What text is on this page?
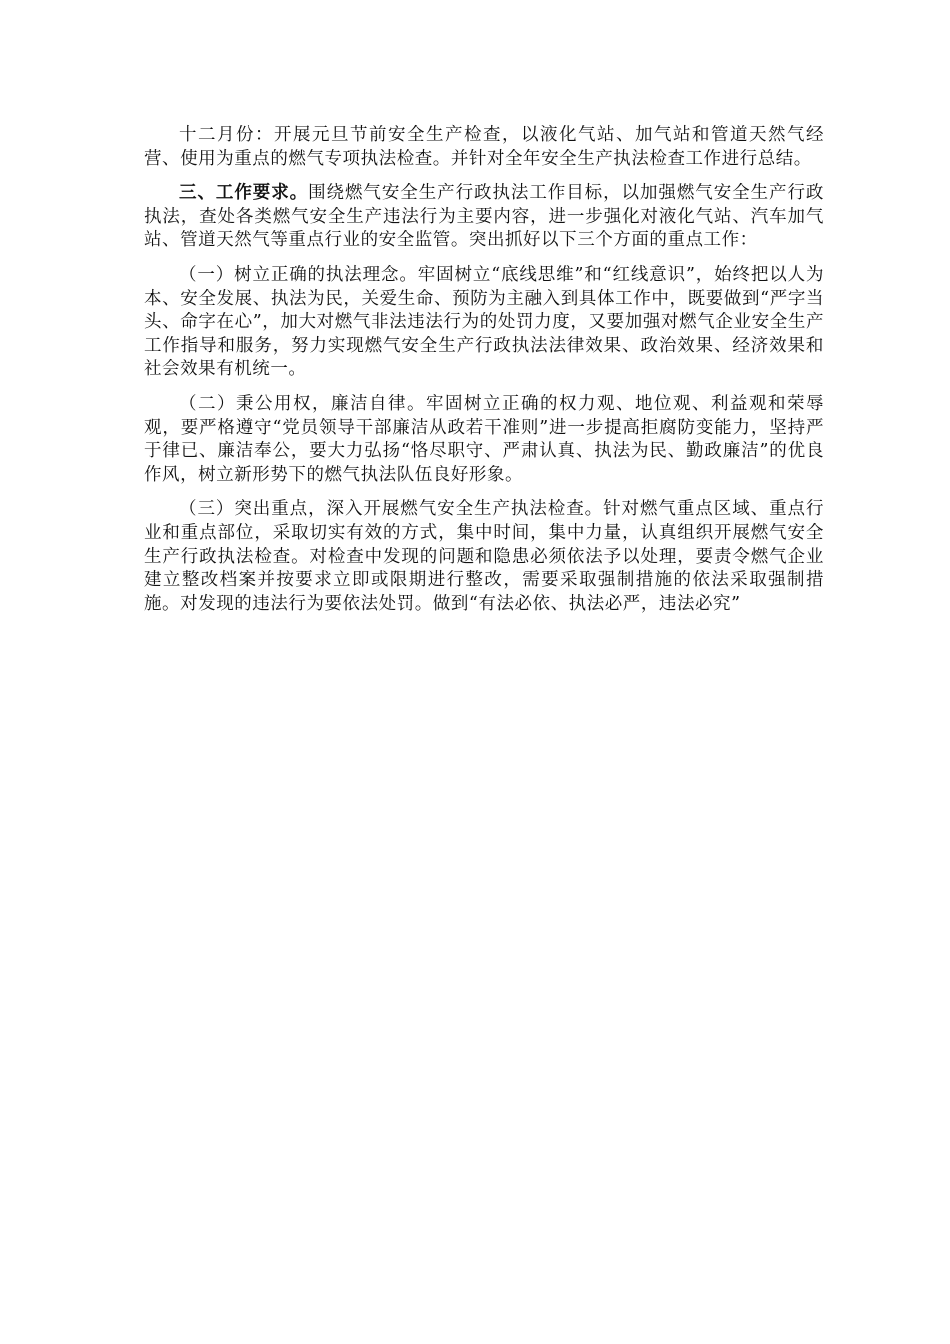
十二月份：开展元旦节前安全生产检查，以液化气站、加气站和管道天然气经营、使用为重点的燃气专项执法检查。并针对全年安全生产执法检查工作进行总结。

三、工作要求。围绕燃气安全生产行政执法工作目标，以加强燃气安全生产行政执法，查处各类燃气安全生产违法行为主要内容，进一步强化对液化气站、汽车加气站、管道天然气等重点行业的安全监管。突出抓好以下三个方面的重点工作：

（一）树立正确的执法理念。牢固树立“底线思维”和“红线意识”，始终把以人为本、安全发展、执法为民，关爱生命、预防为主融入到具体工作中，既要做到“严字当头、命字在心”，加大对燃气非法违法行为的处罚力度，又要加强对燃气企业安全生产工作指导和服务，努力实现燃气安全生产行政执法法律效果、政治效果、经济效果和社会效果有机统一。

（二）秉公用权，廉洁自律。牢固树立正确的权力观、地位观、利益观和荣辱观，要严格遵守“党员领导干部廉洁从政若干准则”进一步提高拒腐防变能力，坚持严于律已、廉洁奉公，要大力弘扬“恪尽职守、严肃认真、执法为民、勤政廉洁”的优良作风，树立新形势下的燃气执法队伍良好形象。

（三）突出重点，深入开展燃气安全生产执法检查。针对燃气重点区域、重点行业和重点部位，采取切实有效的方式，集中时间，集中力量，认真组织开展燃气安全生产行政执法检查。对检查中发现的问题和隐患必须依法予以处理，要责令燃气企业建立整改档案并按要求立即或限期进行整改，需要采取强制措施的依法采取强制措施。对发现的违法行为要依法处罚。做到“有法必依、执法必严，违法必究”
